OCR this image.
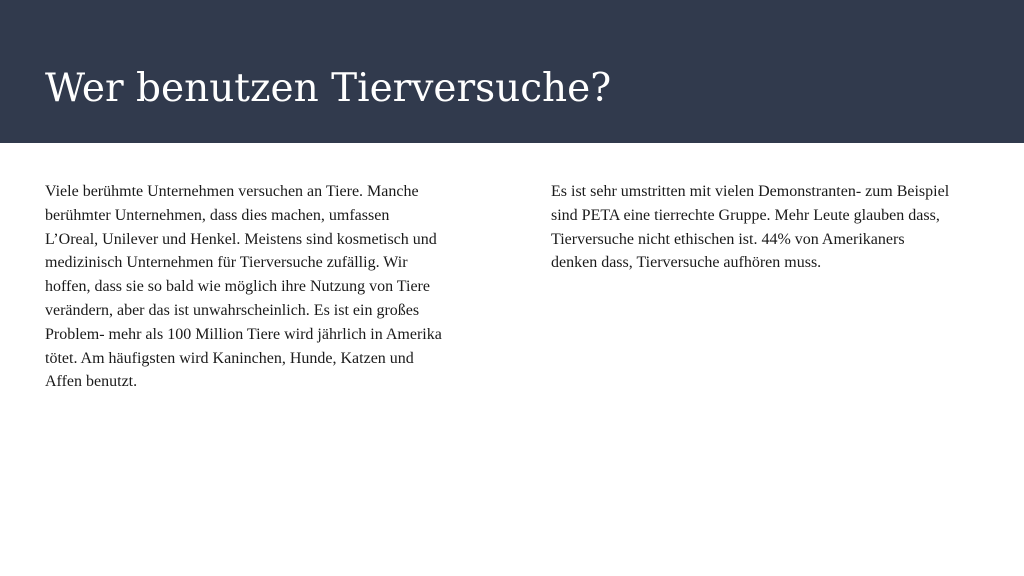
Wer benutzen Tierversuche?

Viele berühmte Unternehmen versuchen an Tiere. Manche
berühmter Unternehmen, dass dies machen, umfassen
L’Oreal, Unilever und Henkel. Meistens sind kosmetisch und
medizinisch Unternehmen für Tierversuche zufällig. Wir
hoffen, dass sie so bald wie möglich ihre Nutzung von Tiere
verändern, aber das ist unwahrscheinlich. Es ist ein großes
Problem- mehr als 100 Million Tiere wird jährlich in Amerika
tötet. Am häufigsten wird Kaninchen, Hunde, Katzen und
Affen benutzt.

Es ist sehr umstritten mit vielen Demonstranten- zum Beispiel
sind PETA eine tierrechte Gruppe. Mehr Leute glauben dass,
Tierversuche nicht ethischen ist. 44% von Amerikaners
denken dass, Tierversuche aufhören muss.
